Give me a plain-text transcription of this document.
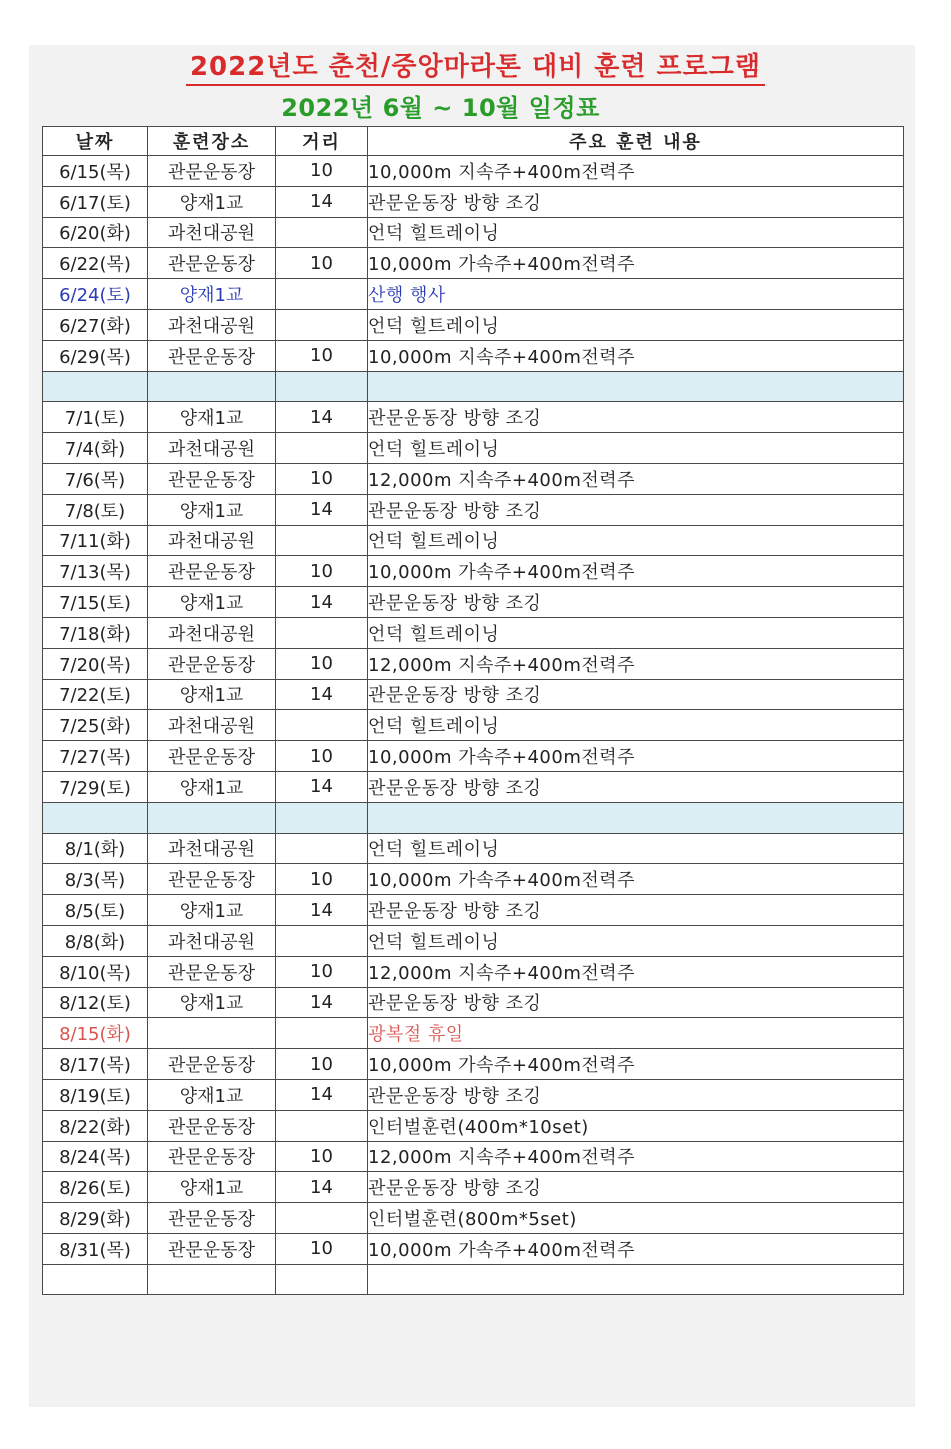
2022년도 춘천/중앙마라톤 대비 훈련 프로그램
2022년 6월 ~ 10월 일정표
날짜	훈련장소	거리	주요 훈련 내용
6/15(목)	관문운동장	10	10,000m 지속주+400m전력주
6/17(토)	양재1교	14	관문운동장 방향 조깅
6/20(화)	과천대공원		언덕 힐트레이닝
6/22(목)	관문운동장	10	10,000m 가속주+400m전력주
6/24(토)	양재1교		산행 행사
6/27(화)	과천대공원		언덕 힐트레이닝
6/29(목)	관문운동장	10	10,000m 지속주+400m전력주

7/1(토)	양재1교	14	관문운동장 방향 조깅
7/4(화)	과천대공원		언덕 힐트레이닝
7/6(목)	관문운동장	10	12,000m 지속주+400m전력주
7/8(토)	양재1교	14	관문운동장 방향 조깅
7/11(화)	과천대공원		언덕 힐트레이닝
7/13(목)	관문운동장	10	10,000m 가속주+400m전력주
7/15(토)	양재1교	14	관문운동장 방향 조깅
7/18(화)	과천대공원		언덕 힐트레이닝
7/20(목)	관문운동장	10	12,000m 지속주+400m전력주
7/22(토)	양재1교	14	관문운동장 방향 조깅
7/25(화)	과천대공원		언덕 힐트레이닝
7/27(목)	관문운동장	10	10,000m 가속주+400m전력주
7/29(토)	양재1교	14	관문운동장 방향 조깅

8/1(화)	과천대공원		언덕 힐트레이닝
8/3(목)	관문운동장	10	10,000m 가속주+400m전력주
8/5(토)	양재1교	14	관문운동장 방향 조깅
8/8(화)	과천대공원		언덕 힐트레이닝
8/10(목)	관문운동장	10	12,000m 지속주+400m전력주
8/12(토)	양재1교	14	관문운동장 방향 조깅
8/15(화)			광복절 휴일
8/17(목)	관문운동장	10	10,000m 가속주+400m전력주
8/19(토)	양재1교	14	관문운동장 방향 조깅
8/22(화)	관문운동장		인터벌훈련(400m*10set)
8/24(목)	관문운동장	10	12,000m 지속주+400m전력주
8/26(토)	양재1교	14	관문운동장 방향 조깅
8/29(화)	관문운동장		인터벌훈련(800m*5set)
8/31(목)	관문운동장	10	10,000m 가속주+400m전력주
